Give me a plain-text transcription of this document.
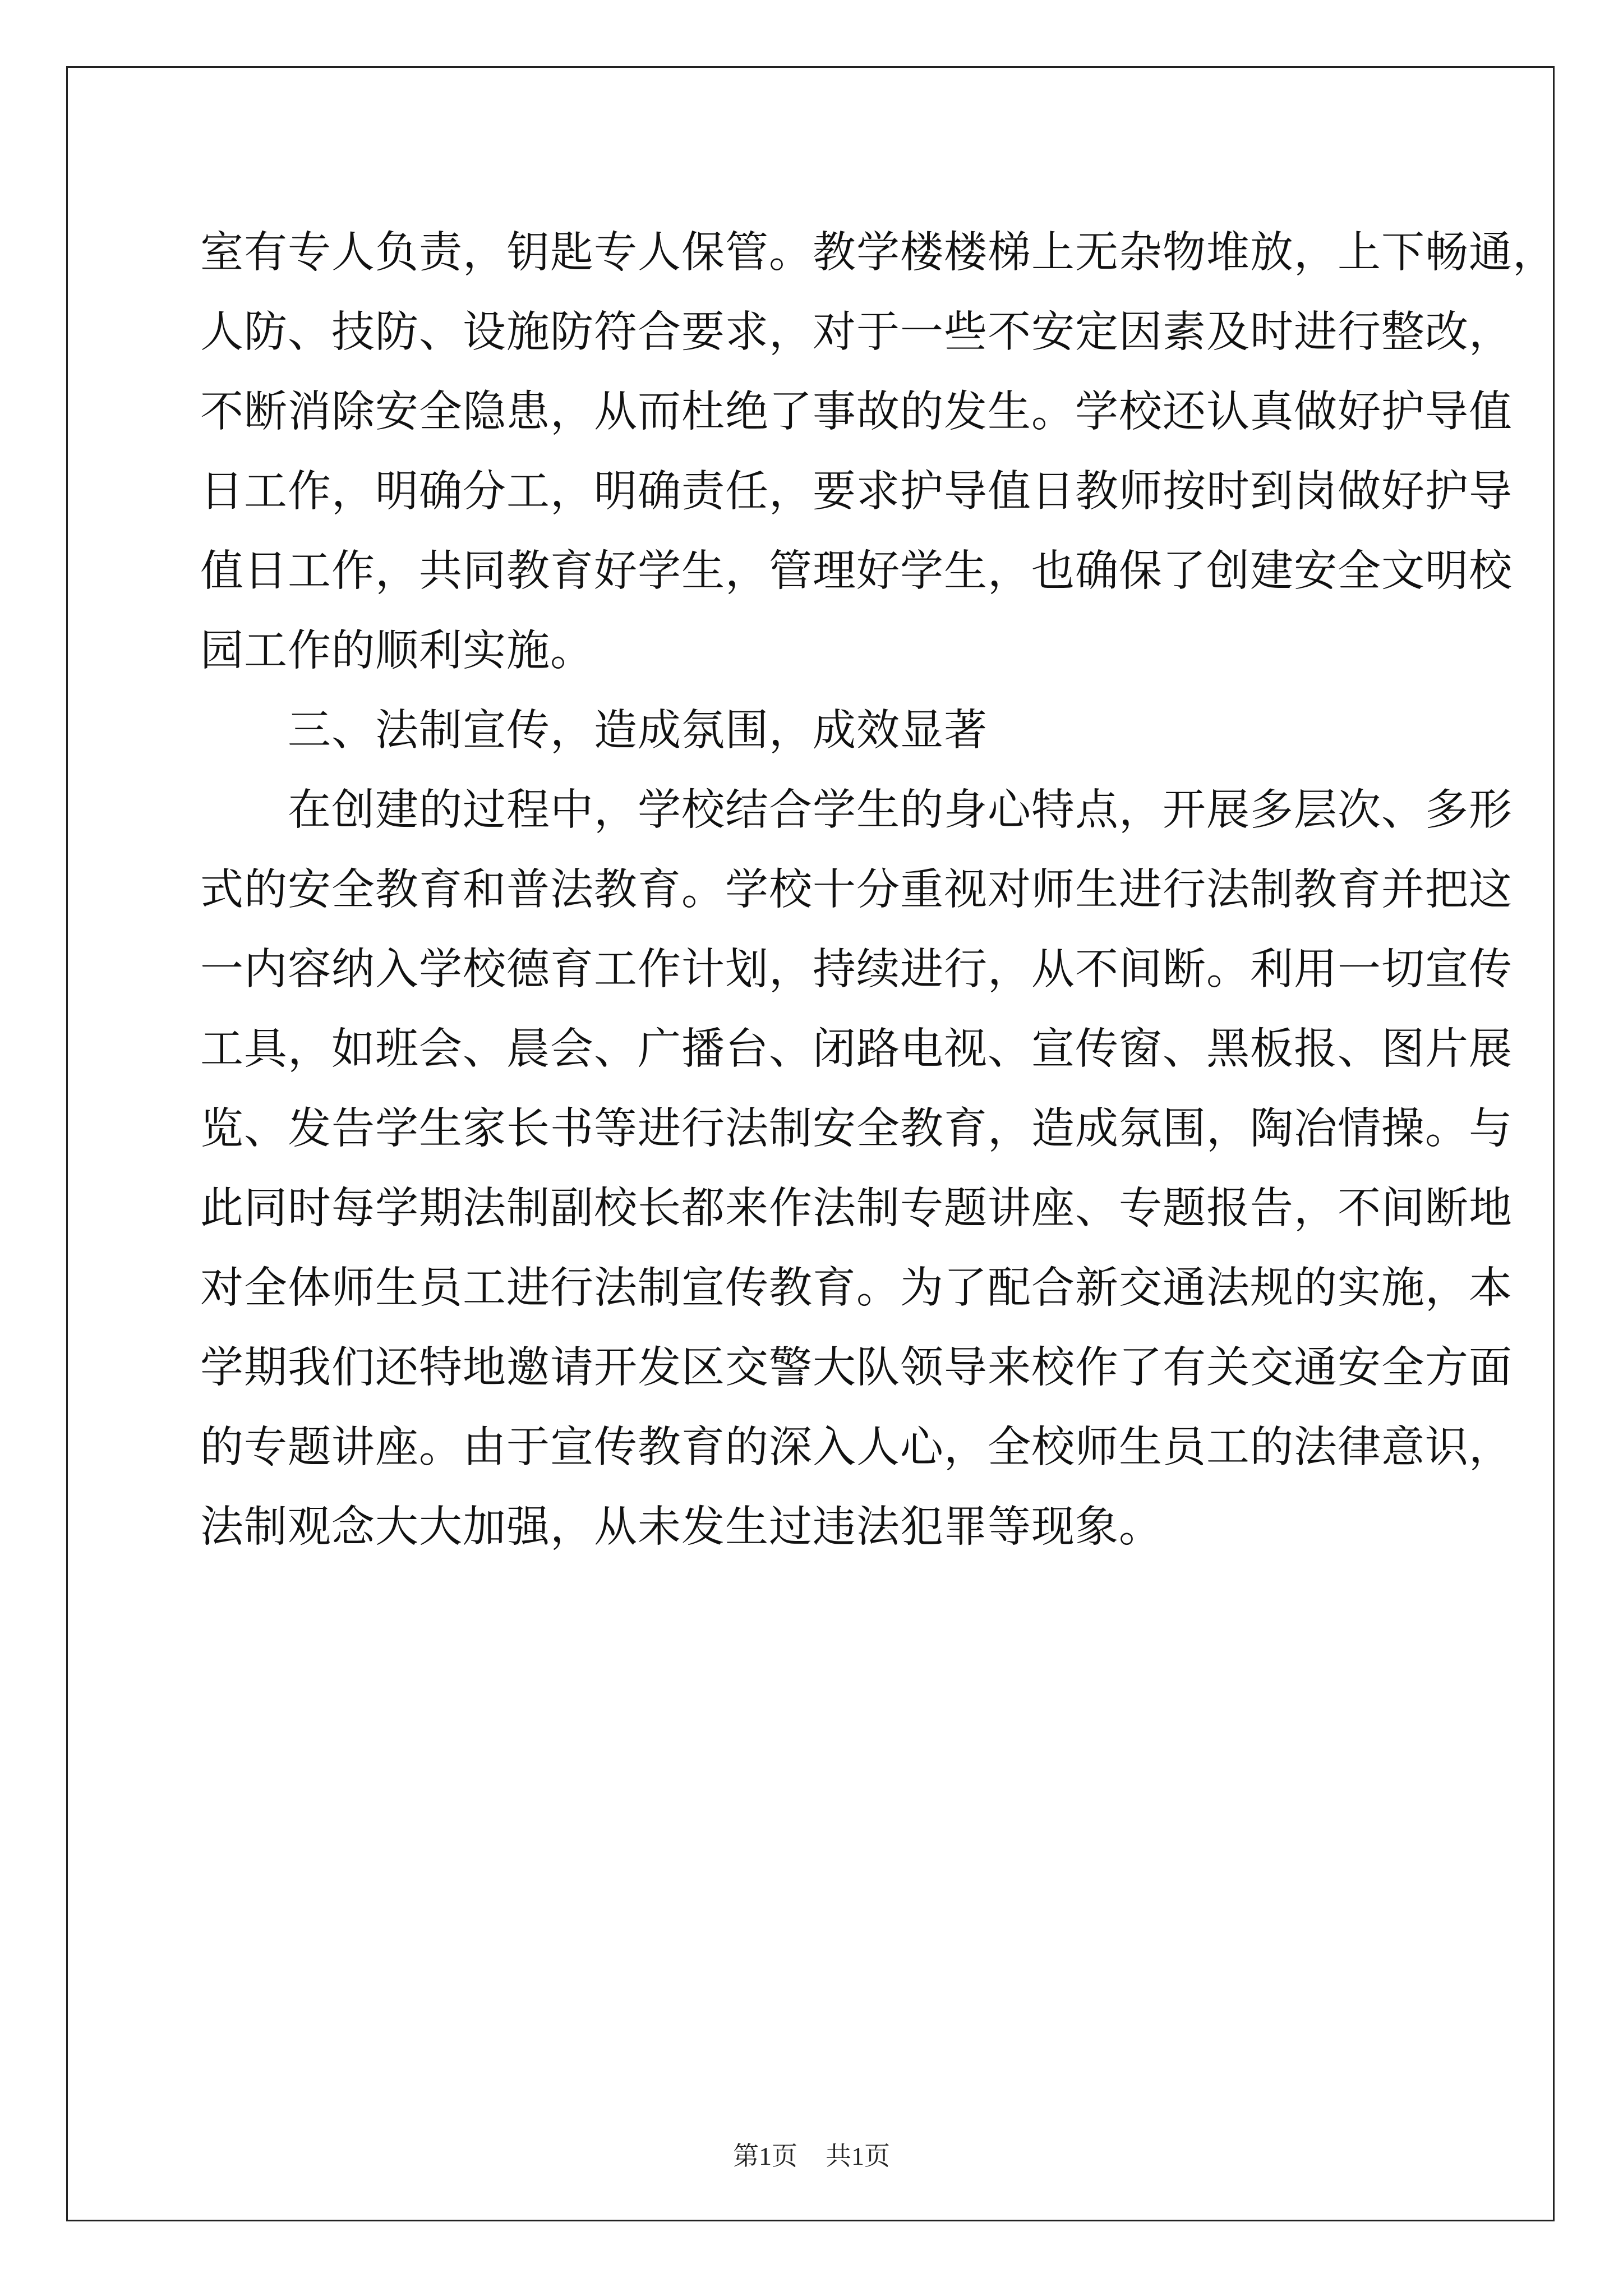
室有专人负责，钥匙专人保管。教学楼楼梯上无杂物堆放，上下畅通，
人防、技防、设施防符合要求，对于一些不安定因素及时进行整改，
不断消除安全隐患，从而杜绝了事故的发生。学校还认真做好护导值
日工作，明确分工，明确责任，要求护导值日教师按时到岗做好护导
值日工作，共同教育好学生，管理好学生，也确保了创建安全文明校
园工作的顺利实施。
　　三、法制宣传，造成氛围，成效显著
　　在创建的过程中，学校结合学生的身心特点，开展多层次、多形
式的安全教育和普法教育。学校十分重视对师生进行法制教育并把这
一内容纳入学校德育工作计划，持续进行，从不间断。利用一切宣传
工具，如班会、晨会、广播台、闭路电视、宣传窗、黑板报、图片展
览、发告学生家长书等进行法制安全教育，造成氛围，陶冶情操。与
此同时每学期法制副校长都来作法制专题讲座、专题报告，不间断地
对全体师生员工进行法制宣传教育。为了配合新交通法规的实施，本
学期我们还特地邀请开发区交警大队领导来校作了有关交通安全方面
的专题讲座。由于宣传教育的深入人心，全校师生员工的法律意识，
法制观念大大加强，从未发生过违法犯罪等现象。
第1页 共1页
